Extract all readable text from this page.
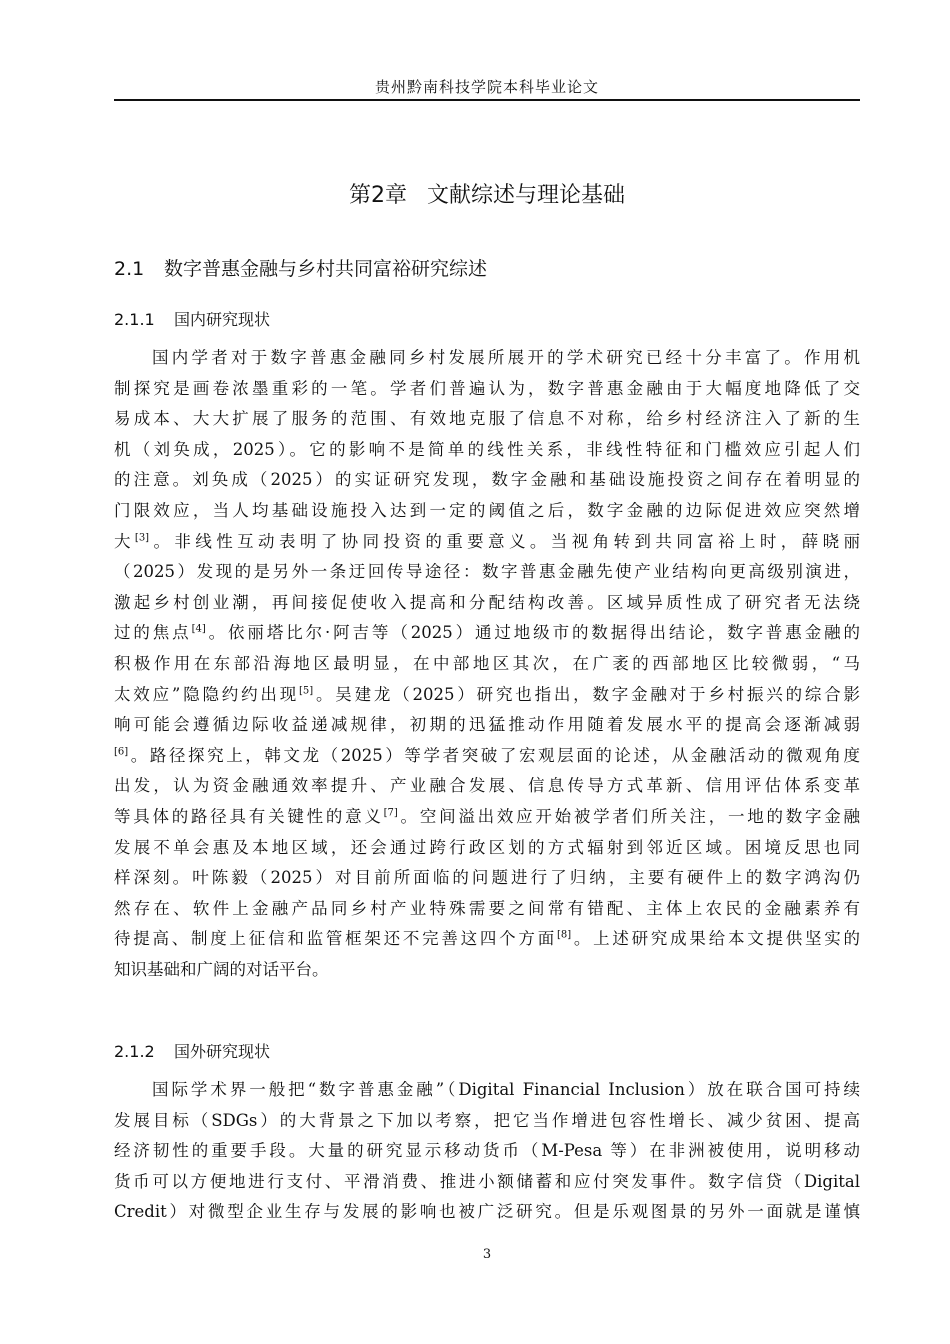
贵州黔南科技学院本科毕业论文
第2章 文献综述与理论基础
2.1 数字普惠金融与乡村共同富裕研究综述
2.1.1 国内研究现状
国内学者对于数字普惠金融同乡村发展所展开的学术研究已经十分丰富了。作用机
制探究是画卷浓墨重彩的一笔。学者们普遍认为，数字普惠金融由于大幅度地降低了交
易成本、大大扩展了服务的范围、有效地克服了信息不对称，给乡村经济注入了新的生
机（刘奂成，2025）。它的影响不是简单的线性关系，非线性特征和门槛效应引起人们
的注意。刘奂成（2025）的实证研究发现，数字金融和基础设施投资之间存在着明显的
门限效应，当人均基础设施投入达到一定的阈值之后，数字金融的边际促进效应突然增
大[3]。非线性互动表明了协同投资的重要意义。当视角转到共同富裕上时，薛晓丽
（2025）发现的是另外一条迂回传导途径：数字普惠金融先使产业结构向更高级别演进，
激起乡村创业潮，再间接促使收入提高和分配结构改善。区域异质性成了研究者无法绕
过的焦点[4]。依丽塔比尔·阿吉等（2025）通过地级市的数据得出结论，数字普惠金融的
积极作用在东部沿海地区最明显，在中部地区其次，在广袤的西部地区比较微弱，“马
太效应”隐隐约约出现[5]。吴建龙（2025）研究也指出，数字金融对于乡村振兴的综合影
响可能会遵循边际收益递减规律，初期的迅猛推动作用随着发展水平的提高会逐渐减弱
[6]。路径探究上，韩文龙（2025）等学者突破了宏观层面的论述，从金融活动的微观角度
出发，认为资金融通效率提升、产业融合发展、信息传导方式革新、信用评估体系变革
等具体的路径具有关键性的意义[7]。空间溢出效应开始被学者们所关注，一地的数字金融
发展不单会惠及本地区域，还会通过跨行政区划的方式辐射到邻近区域。困境反思也同
样深刻。叶陈毅（2025）对目前所面临的问题进行了归纳，主要有硬件上的数字鸿沟仍
然存在、软件上金融产品同乡村产业特殊需要之间常有错配、主体上农民的金融素养有
待提高、制度上征信和监管框架还不完善这四个方面[8]。上述研究成果给本文提供坚实的
知识基础和广阔的对话平台。
2.1.2 国外研究现状
国际学术界一般把“数字普惠金融”（Digital Financial Inclusion）放在联合国可持续
发展目标（SDGs）的大背景之下加以考察，把它当作增进包容性增长、减少贫困、提高
经济韧性的重要手段。大量的研究显示移动货币（M-Pesa 等）在非洲被使用，说明移动
货币可以方便地进行支付、平滑消费、推进小额储蓄和应付突发事件。数字信贷（Digital
Credit）对微型企业生存与发展的影响也被广泛研究。但是乐观图景的另外一面就是谨慎
3
